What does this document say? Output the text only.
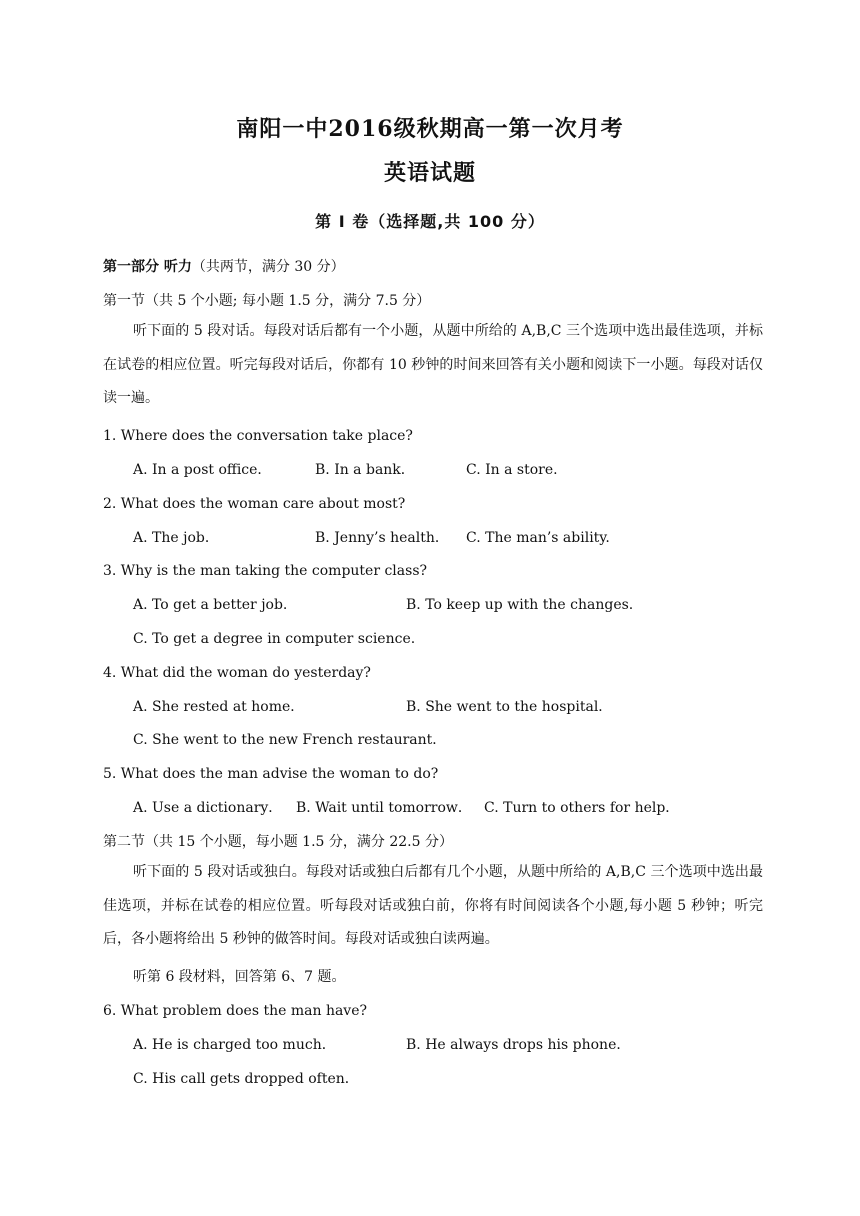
南阳一中2016级秋期高一第一次月考
英语试题
第 I 卷（选择题,共 100 分）
第一部分 听力（共两节，满分 30 分）
第一节（共 5 个小题; 每小题 1.5 分，满分 7.5 分）
听下面的 5 段对话。每段对话后都有一个小题，从题中所给的 A,B,C 三个选项中选出最佳选项，并标在试卷的相应位置。听完每段对话后，你都有 10 秒钟的时间来回答有关小题和阅读下一小题。每段对话仅读一遍。
1. Where does the conversation take place?
A. In a post office．	B. In a bank．	C. In a store.
2. What does the woman care about most?
A. The job．	B. Jenny’s health． C. The man’s ability.
3. Why is the man taking the computer class?
A. To get a better job.	B. To keep up with the changes.
C. To get a degree in computer science.
4. What did the woman do yesterday?
A. She rested at home．	B. She went to the hospital．
C. She went to the new French restaurant．
5. What does the man advise the woman to do?
A. Use a dictionary． B. Wait until tomorrow． C. Turn to others for help．
第二节（共 15 个小题，每小题 1.5 分，满分 22.5 分）
听下面的 5 段对话或独白。每段对话或独白后都有几个小题，从题中所给的 A,B,C 三个选项中选出最佳选项，并标在试卷的相应位置。听每段对话或独白前，你将有时间阅读各个小题,每小题 5 秒钟；听完后，各小题将给出 5 秒钟的做答时间。每段对话或独白读两遍。
听第 6 段材料，回答第 6、7 题。
6. What problem does the man have?
A. He is charged too much．	B. He always drops his phone．
C. His call gets dropped often．
